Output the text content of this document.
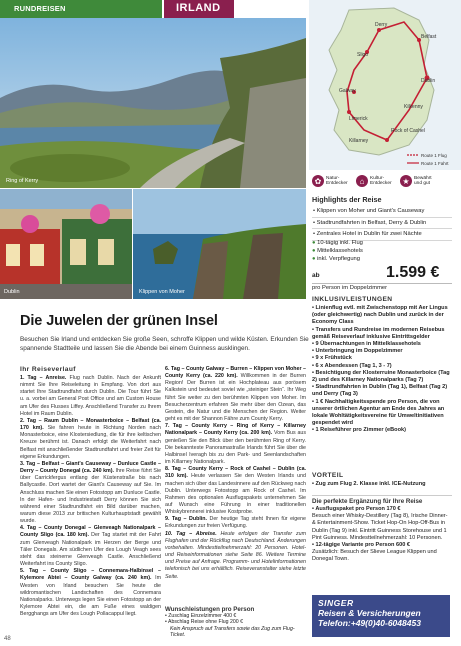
RUNDREISEN	IRLAND
Ring of Kerry
Dublin	Klippen von Moher
Belfast
Derry
Sligo
Galway
Limerick
Killarney
Dublin
Kilkenny
Rock of Cashel
Route 1 Flug
Route 1 Fahrt
✿ Natur-Entdecker	⌂	Kultur-Entdecker	★ Bewährt und gut
Highlights der Reise
• Klippen von Moher und Giant's Causeway
• Stadtrundfahrten in Belfast, Derry & Dublin
• Zentrales Hotel in Dublin für zwei Nächte
● 10-tägig inkl. Flug
● Mittelklassehotels
● inkl. Verpflegung
ab	1.599 €
pro Person im Doppelzimmer
Die Juwelen der grünen Insel
Besuchen Sie Irland und entdecken Sie große Seen, schroffe Klippen und wilde Küsten. Erkunden Sie spannende Stadtteile und lassen Sie die Abende bei einem Guinness ausklingen.
Ihr Reiseverlauf

1. Tag – Anreise. Flug nach Dublin. Nach der Ankunft nimmt Sie Ihre Reiseleitung in Empfang. Von dort aus startet Ihre Stadtrundfahrt durch Dublin. Die Tour führt Sie u. a. vorbei am General Post Office und am Custom House am Ufer des Flusses Liffey. Anschließend Transfer zu Ihrem Hotel im Raum Dublin.

2. Tag – Raum Dublin – Monasterboice – Belfast (ca. 170 km). Sie fahren heute in Richtung Norden nach Monasterboice, eine Klostersiedlung, die für ihre keltischen Kreuze berühmt ist. Danach erfolgt die Weiterfahrt nach Belfast mit anschließender Stadtrundfahrt und freier Zeit für eigene Erkundungen.

3. Tag – Belfast – Giant's Causeway – Dunluce Castle – Derry – County Donegal (ca. 240 km). Ihre Reise führt Sie über Carrickfergus entlang der Küstenstraße bis nach Ballycastle. Dort wartet der Giant's Causeway auf Sie. Im Anschluss machen Sie einen Fotostopp am Dunluce Castle. In der Hafen- und Industriestadt Derry können Sie sich während einer Stadtrundfahrt ein Bild darüber machen, warum diese 2013 zur britischen Kulturhauptstadt gewählt wurde.

4. Tag – County Donegal – Glenveagh Nationalpark – County Sligo (ca. 180 km). Der Tag startet mit der Fahrt zum Glenveagh Nationalpark im Herzen der Berge und Täler Donegals. Am südlichen Ufer des Lough Veagh sees steht das steinerne Glenveagh Castle. Anschließend Weiterfahrt ins County Sligo.

5. Tag – County Sligo – Connemara-Halbinsel – Kylemore Abtei – County Galway (ca. 240 km). Im Westen von Irland besuchen Sie heute die wildromantischen Landschaften des Connemara Nationalparks. Unterwegs legen Sie einen Fotostopp an der Kylemore Abtei ein, die am Fuße eines waldigen Bergghangs am Ufer des Lough Pollacappul liegt.

6. Tag – County Galway – Burren – Klippen von Moher – County Kerry (ca. 220 km). Willkommen in der Burren Region! Der Burren ist ein Hochplateau aus porösem Kalkstein und bedeutet soviel wie „steiniger Stein“. Ihr Weg führt Sie weiter zu den berühmten Klippen von Moher. Im Besucherzentrum erfahren Sie mehr über den Ozean, das Gestein, die Natur und die Menschen der Region. Weiter geht es mit der Shannon Fähre zum County Kerry.

7. Tag – County Kerry – Ring of Kerry – Killarney Nationalpark – County Kerry (ca. 200 km). Vom Bus aus genießen Sie den Blick über den berühmten Ring of Kerry. Die bekannteste Panoramastraße Irlands führt Sie über die Halbinsel Iveragh bis zu den Park- und Seenlandschaften im Killarney Nationalpark.

8. Tag – County Kerry – Rock of Cashel – Dublin (ca. 310 km). Heute verlassen Sie den Westen Irlands und machen sich über das Landesinnere auf den Rückweg nach Dublin. Unterwegs Fotostopp am Rock of Cashel. Im Rahmen des optionalen Ausflugspakets unternehmen Sie auf Wunsch eine Führung in einer traditionellen Whiskybrennerei inklusive Kostprobe.

9. Tag – Dublin. Der heutige Tag steht Ihnen für eigene Erkundungen zur freien Verfügung.

10. Tag – Abreise. Heute erfolgen der Transfer zum Flughafen und der Rückflug nach Deutschland. Änderungen vorbehalten. Mindestteilnehmerzahl: 20 Personen. Hotel- und Reiseinformationen siehe Seite 86. Weitere Termine und Preise auf Anfrage. Programm- und Hotelinformationen telefonisch bei uns erhältlich. Reiseveranstalter siehe letzte Seite.

Wunschleistungen pro Person
• Zuschlag Einzelzimmer 400 €
• Abschlag Reise ohne Flug 200 €
Kein Anspruch auf Transfers sowie das Zug zum Flug-Ticket.
INKLUSIVLEISTUNGEN
• Linienflug evtl. mit Zwischenstopp mit Aer Lingus (oder gleichwertig) nach Dublin und zurück in der Economy Class
• Transfers und Rundreise im modernen Reisebus gemäß Reiseverlauf inklusive Eintrittsgelder
• 9 Übernachtungen in Mittelklassehotels
• Unterbringung im Doppelzimmer
• 9 x Frühstück
• 6 x Abendessen (Tag 1, 3 - 7)
• Besichtigung der Klosterruine Monasterboice (Tag 2) und des Killarney Nationalparks (Tag 7)
• Stadtrundfahrten in Dublin (Tag 1), Belfast (Tag 2) und Derry (Tag 3)
• 1 € Nachhaltigkeitsspende pro Person, die von unserer örtlichen Agentur am Ende des Jahres an lokale Wohltätigkeitsvereine für Umweltinitiativen gespendet wird
• 1 Reiseführer pro Zimmer (eBook)
VORTEIL
• Zug zum Flug 2. Klasse inkl. ICE-Nutzung
Die perfekte Ergänzung für Ihre Reise
• Ausflugspaket pro Person 170 €
Besuch einer Whisky-Destillery (Tag 8), Irische Dinner- & Entertainment-Show. Ticket Hop-On Hop-Off-Bus in Dublin (Tag 9) inkl. Eintritt Guinness Storehouse und 1 Pint Guinness. Mindestteilnehmerzahl: 10 Personen.
• 12-tägige Variante pro Person 600 €
Zusätzlich: Besuch der Slieve League Klippen und Donegal Town.
SINGER
Reisen & Versicherungen
Telefon:+49(0)40-6048453
48
